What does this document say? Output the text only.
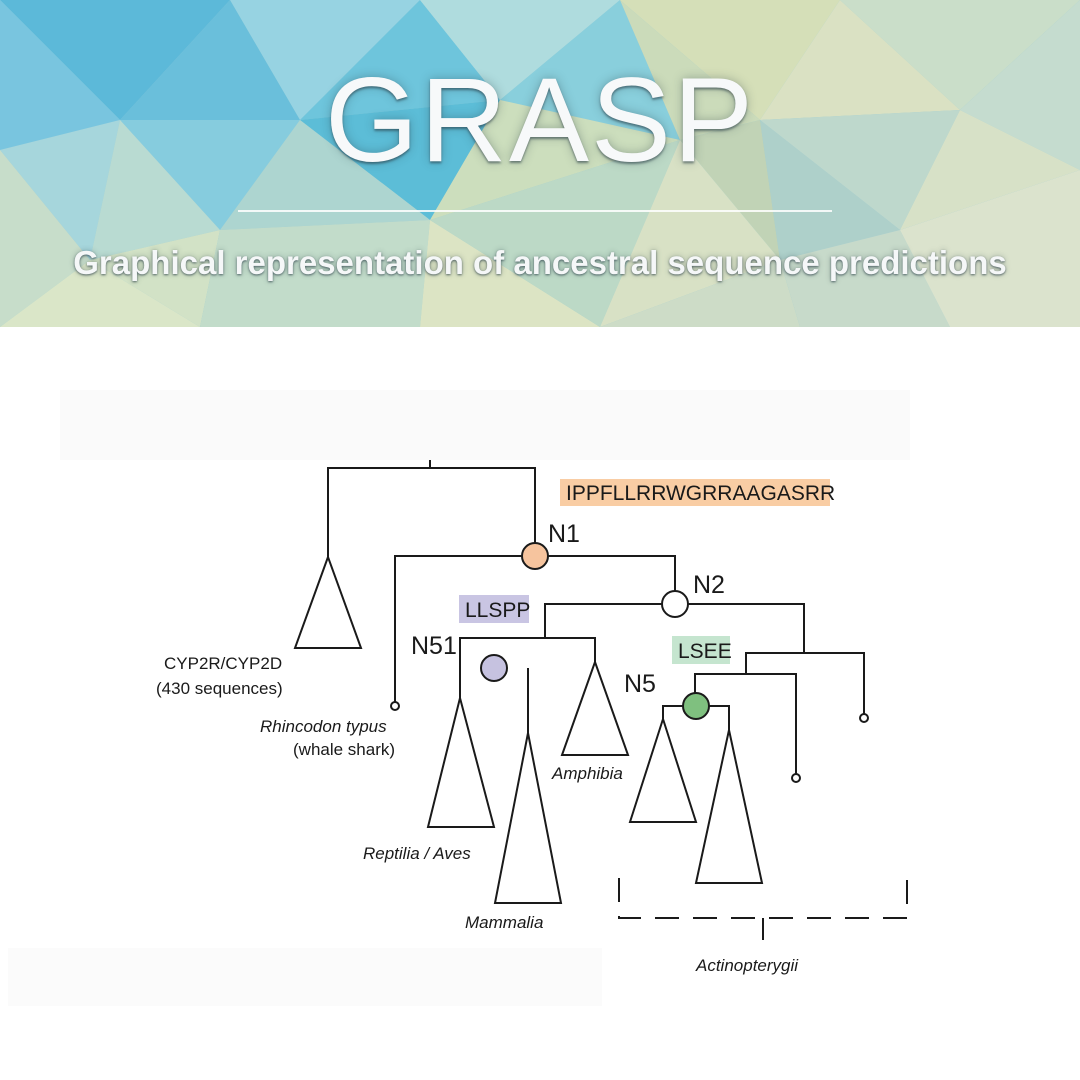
GRASP
Graphical representation of ancestral sequence predictions
IPPFLLRRWGRRAAGASRR
LLSPP
LSEE
N1
N2
N51
N5
CYP2R/CYP2D
(430 sequences)
Rhincodon typus
(whale shark)
Reptilia / Aves
Mammalia
Amphibia
Actinopterygii
